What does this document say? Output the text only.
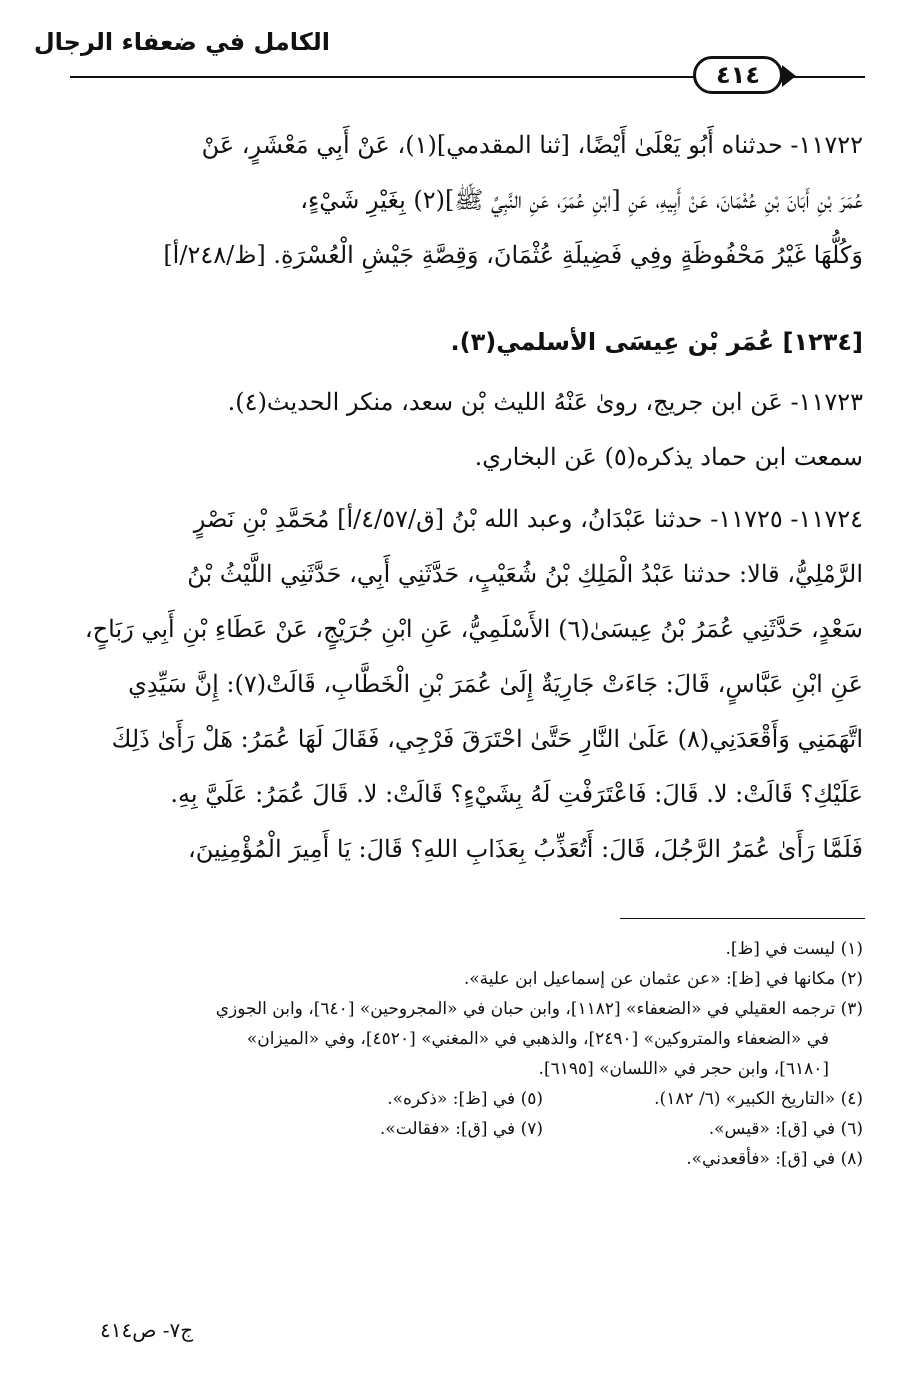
الكامل في ضعفاء الرجال
٤١٤
١١٧٢٢- حدثناه أَبُو يَعْلَىٰ أَيْضًا، [ثنا المقدمي](١)، عَنْ أَبِي مَعْشَرٍ، عَنْ
عُمَرَ بْنِ أَبَانَ بْنِ عُثْمَانَ، عَنْ أَبِيهِ، عَنِ [ابْنِ عُمَرَ، عَنِ النَّبِيِّ ﷺ](٢) بِغَيْرِ شَيْءٍ،
وَكُلُّهَا غَيْرُ مَحْفُوظَةٍ وفِي فَضِيلَةِ عُثْمَانَ، وَقِصَّةِ جَيْشِ الْعُسْرَةِ. [ظ/٢٤٨/أ]
[١٢٣٤] عُمَر بْن عِيسَى الأسلمي(٣).
١١٧٢٣- عَن ابن جريج، روىٰ عَنْهُ الليث بْن سعد، منكر الحديث(٤).
سمعت ابن حماد يذكره(٥) عَن البخاري.
١١٧٢٤- ١١٧٢٥- حدثنا عَبْدَانُ، وعبد الله بْنُ [ق/٤/٥٧/أ] مُحَمَّدِ بْنِ نَصْرٍ
الرَّمْلِيُّ، قالا: حدثنا عَبْدُ الْمَلِكِ بْنُ شُعَيْبٍ، حَدَّثَنِي أَبِي، حَدَّثَنِي اللَّيْثُ بْنُ
سَعْدٍ، حَدَّثَنِي عُمَرُ بْنُ عِيسَىٰ(٦) الأَسْلَمِيُّ، عَنِ ابْنِ جُرَيْجٍ، عَنْ عَطَاءِ بْنِ أَبِي رَبَاحٍ،
عَنِ ابْنِ عَبَّاسٍ، قَالَ: جَاءَتْ جَارِيَةٌ إِلَىٰ عُمَرَ بْنِ الْخَطَّابِ، قَالَتْ(٧): إِنَّ سَيِّدِي
اتَّهَمَنِي وَأَقْعَدَنِي(٨) عَلَىٰ النَّارِ حَتَّىٰ احْتَرَقَ فَرْجِي، فَقَالَ لَهَا عُمَرُ: هَلْ رَأَىٰ ذَلِكَ
عَلَيْكِ؟ قَالَتْ: لا. قَالَ: فَاعْتَرَفْتِ لَهُ بِشَيْءٍ؟ قَالَتْ: لا. قَالَ عُمَرُ: عَلَيَّ بِهِ.
فَلَمَّا رَأَىٰ عُمَرُ الرَّجُلَ، قَالَ: أَتُعَذِّبُ بِعَذَابِ اللهِ؟ قَالَ: يَا أَمِيرَ الْمُؤْمِنِينَ،
(١) ليست في [ظ].
(٢) مكانها في [ظ]: «عن عثمان عن إسماعيل ابن علية».
(٣) ترجمه العقيلي في «الضعفاء» [١١٨٢]، وابن حبان في «المجروحين» [٦٤٠]، وابن الجوزي
في «الضعفاء والمتروكين» [٢٤٩٠]، والذهبي في «المغني» [٤٥٢٠]، وفي «الميزان»
[٦١٨٠]، وابن حجر في «اللسان» [٦١٩٥].
(٤) «التاريخ الكبير» (٦/ ١٨٢).
(٥) في [ظ]: «ذكره».
(٦) في [ق]: «قيس».
(٧) في [ق]: «فقالت».
(٨) في [ق]: «فأقعدني».
ج٧- ص٤١٤
